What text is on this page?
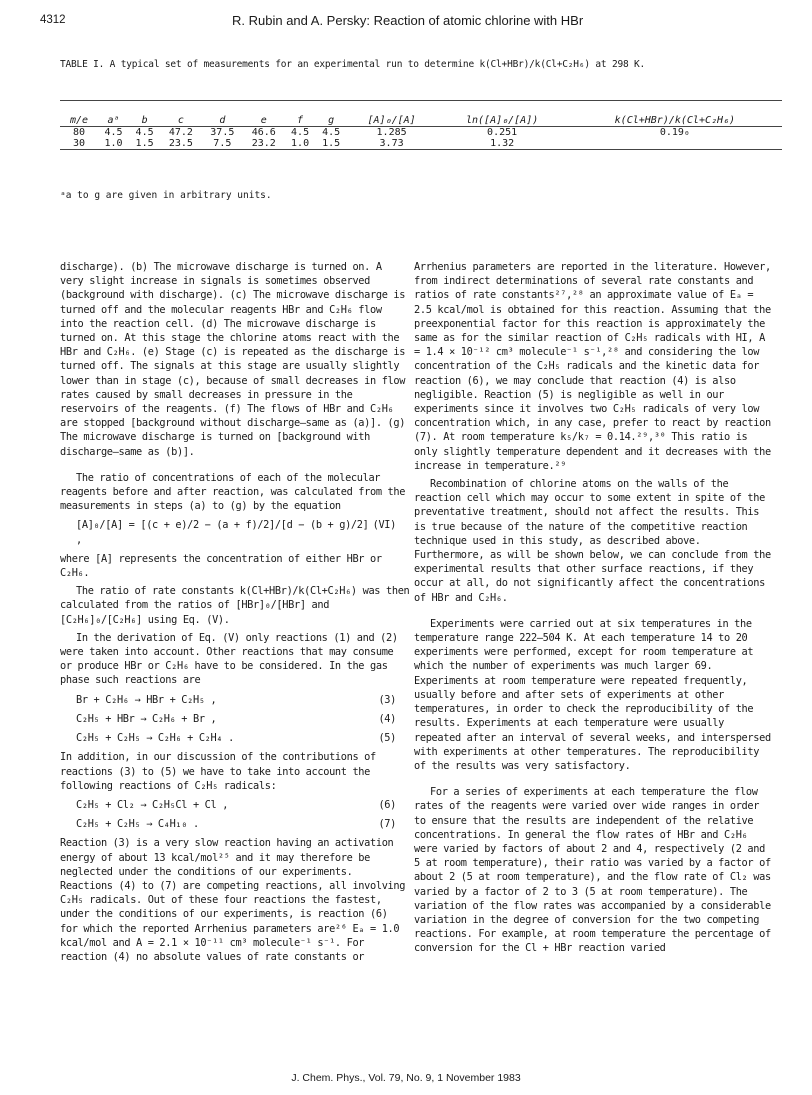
4312	R. Rubin and A. Persky: Reaction of atomic chlorine with HBr
TABLE I. A typical set of measurements for an experimental run to determine k(Cl+HBr)/k(Cl+C₂H₆) at 298 K.

m/e	aᵃ	b	c	d	e	f	g	[A]₀/[A]	ln([A]₀/[A])	k(Cl+HBr)/k(Cl+C₂H₆)
80	4.5	4.5	47.2	37.5	46.6	4.5	4.5	1.285	0.251	0.19₀
30	1.0	1.5	23.5	7.5	23.2	1.0	1.5	3.73	1.32	
ᵃa to g are given in arbitrary units.

discharge). (b) The microwave discharge is turned on. A very slight increase in signals is sometimes observed (background with discharge). (c) The microwave discharge is turned off and the molecular reagents HBr and C₂H₆ flow into the reaction cell. (d) The microwave discharge is turned on. At this stage the chlorine atoms react with the HBr and C₂H₆. (e) Stage (c) is repeated as the discharge is turned off. The signals at this stage are usually slightly lower than in stage (c), because of small decreases in flow rates caused by small decreases in pressure in the reservoirs of the reagents. (f) The flows of HBr and C₂H₆ are stopped [background without discharge—same as (a)]. (g) The microwave discharge is turned on [background with discharge—same as (b)].

The ratio of concentrations of each of the molecular reagents before and after reaction, was calculated from the measurements in steps (a) to (g) by the equation

[A]₀/[A] = [(c + e)/2 − (a + f)/2]/[d − (b + g)/2] ,
(VI)

where [A] represents the concentration of either HBr or C₂H₆.

The ratio of rate constants k(Cl+HBr)/k(Cl+C₂H₆) was then calculated from the ratios of [HBr]₀/[HBr] and [C₂H₆]₀/[C₂H₆] using Eq. (V).

In the derivation of Eq. (V) only reactions (1) and (2) were taken into account. Other reactions that may consume or produce HBr or C₂H₆ have to be considered. In the gas phase such reactions are

Br + C₂H₆ → HBr + C₂H₅ ,	(3)
C₂H₅ + HBr → C₂H₆ + Br ,	(4)
C₂H₅ + C₂H₅ → C₂H₆ + C₂H₄ .	(5)

In addition, in our discussion of the contributions of reactions (3) to (5) we have to take into account the following reactions of C₂H₅ radicals:

C₂H₅ + Cl₂ → C₂H₅Cl + Cl ,	(6)
C₂H₅ + C₂H₅ → C₄H₁₀ .	(7)

Reaction (3) is a very slow reaction having an activation energy of about 13 kcal/mol²⁵ and it may therefore be neglected under the conditions of our experiments. Reactions (4) to (7) are competing reactions, all involving C₂H₅ radicals. Out of these four reactions the fastest, under the conditions of our experiments, is reaction (6) for which the reported Arrhenius parameters are²⁶ Eₐ = 1.0 kcal/mol and A = 2.1 × 10⁻¹¹ cm³ molecule⁻¹ s⁻¹. For reaction (4) no absolute values of rate constants or

Arrhenius parameters are reported in the literature. However, from indirect determinations of several rate constants and ratios of rate constants²⁷,²⁸ an approximate value of Eₐ = 2.5 kcal/mol is obtained for this reaction. Assuming that the preexponential factor for this reaction is approximately the same as for the similar reaction of C₂H₅ radicals with HI, A = 1.4 × 10⁻¹² cm³ molecule⁻¹ s⁻¹,²⁸ and considering the low concentration of the C₂H₅ radicals and the kinetic data for reaction (6), we may conclude that reaction (4) is also negligible. Reaction (5) is negligible as well in our experiments since it involves two C₂H₅ radicals of very low concentration which, in any case, prefer to react by reaction (7). At room temperature k₅/k₇ = 0.14.²⁹,³⁰ This ratio is only slightly temperature dependent and it decreases with the increase in temperature.²⁹

Recombination of chlorine atoms on the walls of the reaction cell which may occur to some extent in spite of the preventative treatment, should not affect the results. This is true because of the nature of the competitive reaction technique used in this study, as described above. Furthermore, as will be shown below, we can conclude from the experimental results that other surface reactions, if they occur at all, do not significantly affect the concentrations of HBr and C₂H₆.

Experiments were carried out at six temperatures in the temperature range 222–504 K. At each temperature 14 to 20 experiments were performed, except for room temperature at which the number of experiments was much larger 69. Experiments at room temperature were repeated frequently, usually before and after sets of experiments at other temperatures, in order to check the reproducibility of the results. Experiments at each temperature were usually repeated after an interval of several weeks, and interspersed with experiments at other temperatures. The reproducibility of the results was very satisfactory.

For a series of experiments at each temperature the flow rates of the reagents were varied over wide ranges in order to ensure that the results are independent of the relative concentrations. In general the flow rates of HBr and C₂H₆ were varied by factors of about 2 and 4, respectively (2 and 5 at room temperature), their ratio was varied by a factor of about 2 (5 at room temperature), and the flow rate of Cl₂ was varied by a factor of 2 to 3 (5 at room temperature). The variation of the flow rates was accompanied by a considerable variation in the degree of conversion for the two competing reactions. For example, at room temperature the percentage of conversion for the Cl + HBr reaction varied

J. Chem. Phys., Vol. 79, No. 9, 1 November 1983
